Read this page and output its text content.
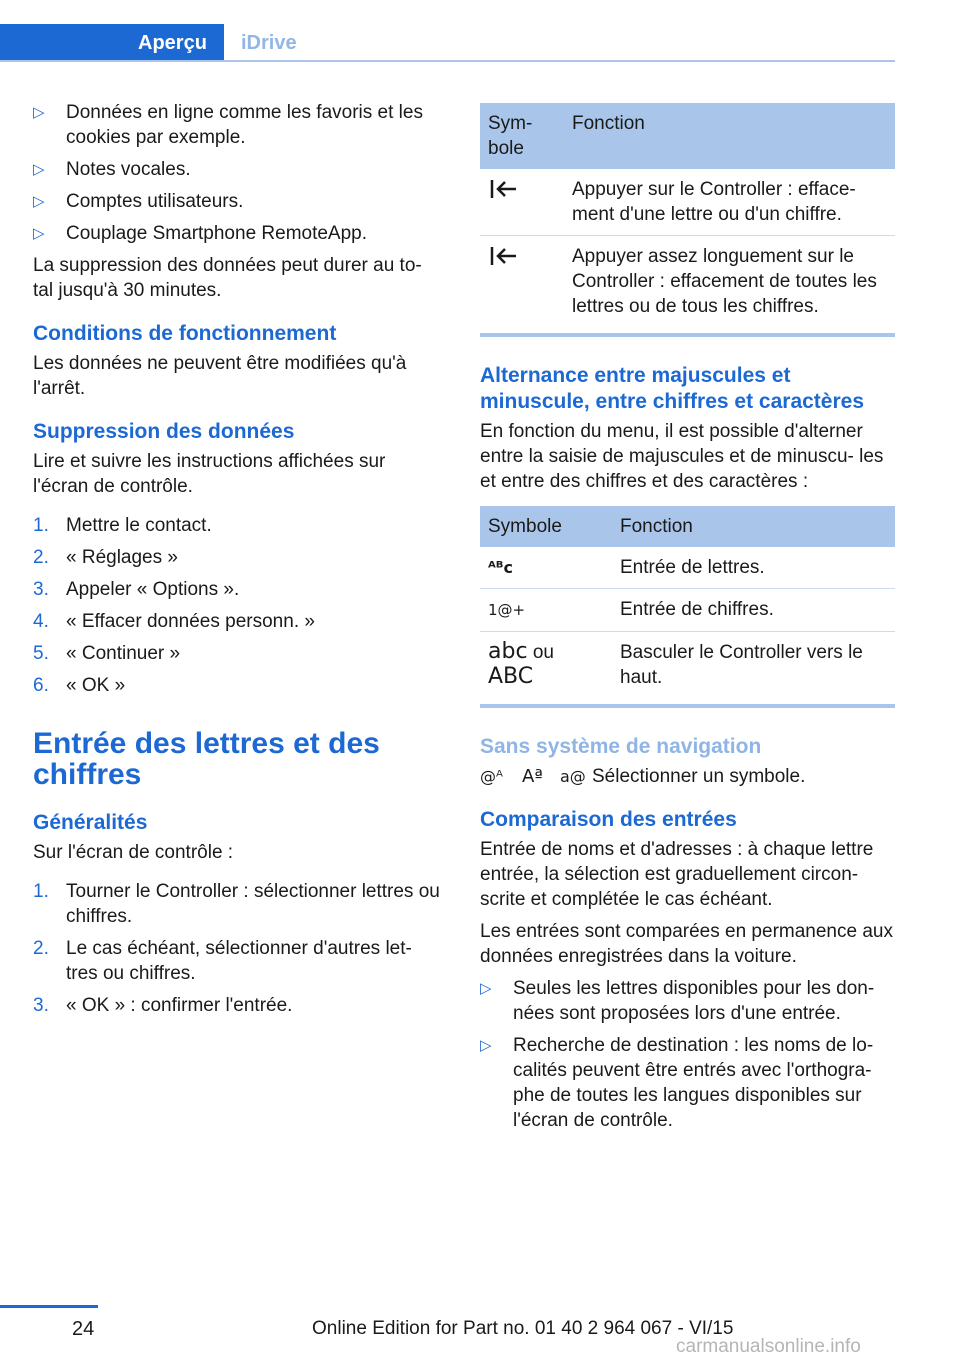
Aperçu	iDrive
▷ Données en ligne comme les favoris et les cookies par exemple.
▷ Notes vocales.
▷ Comptes utilisateurs.
▷ Couplage Smartphone RemoteApp.
La suppression des données peut durer au to‐ tal jusqu'à 30 minutes.
Conditions de fonctionnement
Les données ne peuvent être modifiées qu'à l'arrêt.
Suppression des données
Lire et suivre les instructions affichées sur l'écran de contrôle.
1. Mettre le contact.
2. « Réglages »
3. Appeler « Options ».
4. « Effacer données personn. »
5. « Continuer »
6. « OK »
Entrée des lettres et des chiffres
Généralités
Sur l'écran de contrôle :
1. Tourner le Controller : sélectionner lettres ou chiffres.
2. Le cas échéant, sélectionner d'autres let‐ tres ou chiffres.
3. « OK » : confirmer l'entrée.
Sym‐ bole	Fonction
	Appuyer sur le Controller : efface‐ ment d'une lettre ou d'un chiffre.
	Appuyer assez longuement sur le Controller : effacement de toutes les lettres ou de tous les chiffres.
Alternance entre majuscules et minuscule, entre chiffres et caractères
En fonction du menu, il est possible d'alterner entre la saisie de majuscules et de minuscu‐ les et entre des chiffres et des caractères :
Symbole	Fonction
ᴬᴮc	Entrée de lettres.
1@+	Entrée de chiffres.
abc ou
ABC	Basculer le Controller vers le haut.
Sans système de navigation
@ᴬ	Aª	a@ Sélectionner un symbole.
Comparaison des entrées
Entrée de noms et d'adresses : à chaque lettre entrée, la sélection est graduellement circon‐ scrite et complétée le cas échéant.
Les entrées sont comparées en permanence aux données enregistrées dans la voiture.
▷ Seules les lettres disponibles pour les don‐ nées sont proposées lors d'une entrée.
▷ Recherche de destination : les noms de lo‐ calités peuvent être entrés avec l'orthogra‐ phe de toutes les langues disponibles sur l'écran de contrôle.
24	Online Edition for Part no. 01 40 2 964 067 - VI/15
carmanualsonline.info
